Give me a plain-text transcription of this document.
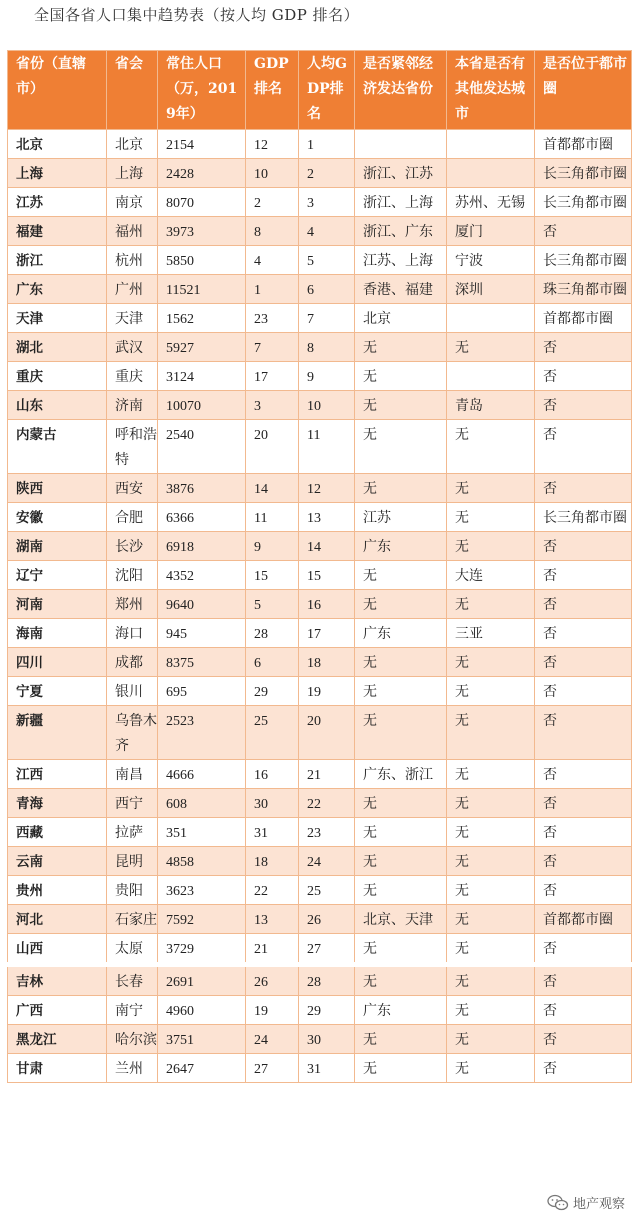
全国各省人口集中趋势表（按人均 GDP 排名）
省份（直辖市）	省会	常住人口（万，2019年）	GDP排名	人均GDP排名	是否紧邻经济发达省份	本省是否有其他发达城市	是否位于都市圈
北京	北京	2154	12	1			首都都市圈
上海	上海	2428	10	2	浙江、江苏		长三角都市圈
江苏	南京	8070	2	3	浙江、上海	苏州、无锡	长三角都市圈
福建	福州	3973	8	4	浙江、广东	厦门	否
浙江	杭州	5850	4	5	江苏、上海	宁波	长三角都市圈
广东	广州	11521	1	6	香港、福建	深圳	珠三角都市圈
天津	天津	1562	23	7	北京		首都都市圈
湖北	武汉	5927	7	8	无	无	否
重庆	重庆	3124	17	9	无		否
山东	济南	10070	3	10	无	青岛	否
内蒙古	呼和浩特	2540	20	11	无	无	否
陕西	西安	3876	14	12	无	无	否
安徽	合肥	6366	11	13	江苏	无	长三角都市圈
湖南	长沙	6918	9	14	广东	无	否
辽宁	沈阳	4352	15	15	无	大连	否
河南	郑州	9640	5	16	无	无	否
海南	海口	945	28	17	广东	三亚	否
四川	成都	8375	6	18	无	无	否
宁夏	银川	695	29	19	无	无	否
新疆	乌鲁木齐	2523	25	20	无	无	否
江西	南昌	4666	16	21	广东、浙江	无	否
青海	西宁	608	30	22	无	无	否
西藏	拉萨	351	31	23	无	无	否
云南	昆明	4858	18	24	无	无	否
贵州	贵阳	3623	22	25	无	无	否
河北	石家庄	7592	13	26	北京、天津	无	首都都市圈
山西	太原	3729	21	27	无	无	否
吉林	长春	2691	26	28	无	无	否
广西	南宁	4960	19	29	广东	无	否
黑龙江	哈尔滨	3751	24	30	无	无	否
甘肃	兰州	2647	27	31	无	无	否
地产观察
